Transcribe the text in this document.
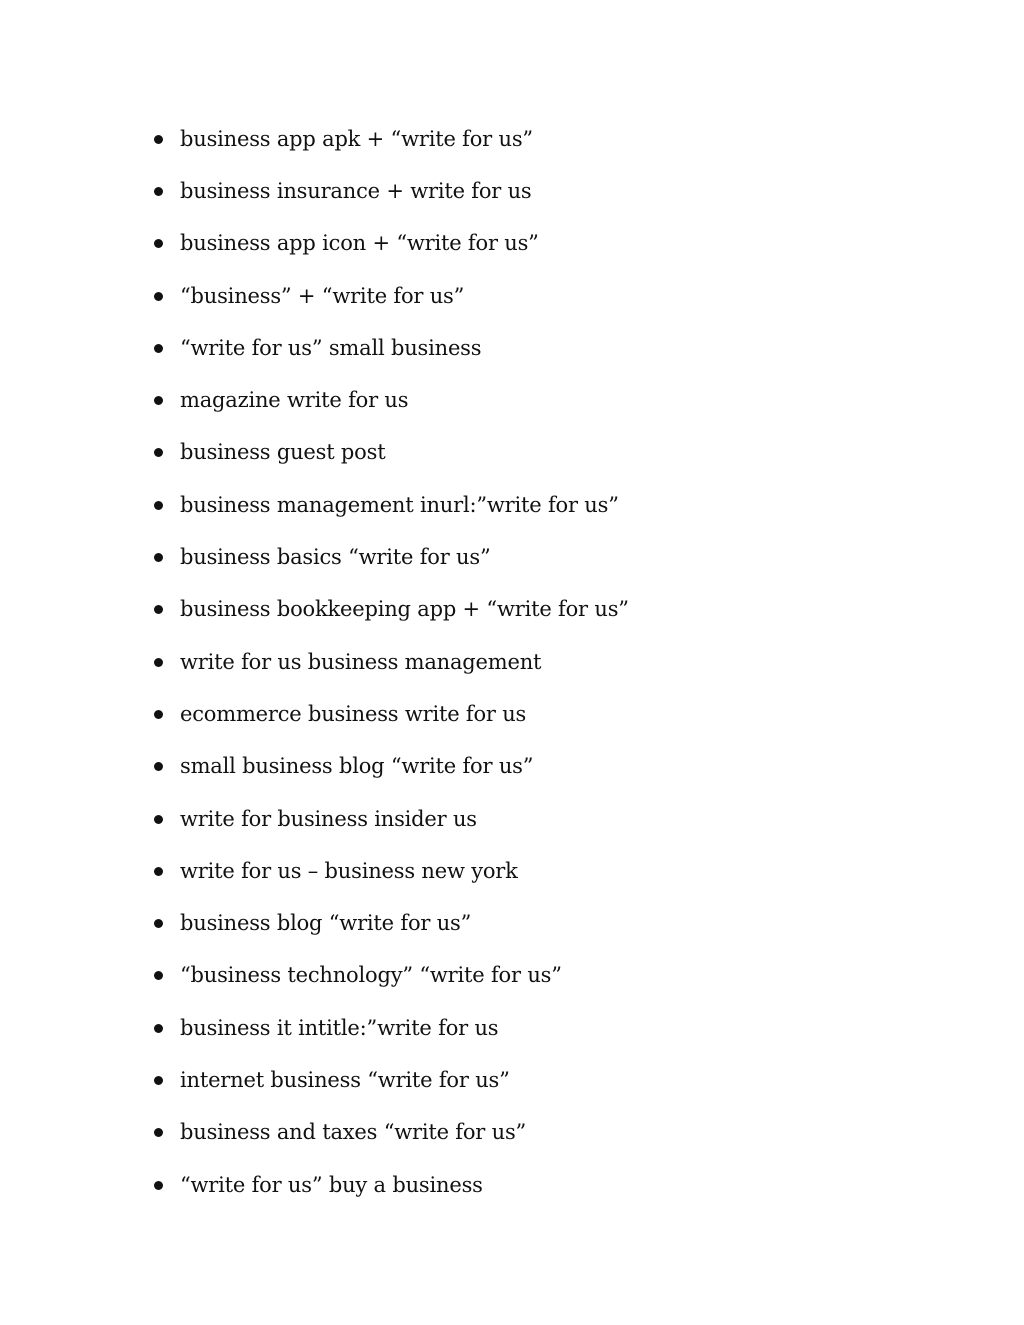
business app apk + “write for us”
business insurance + write for us
business app icon + “write for us”
“business” + “write for us”
“write for us” small business
magazine write for us
business guest post
business management inurl:”write for us”
business basics “write for us”
business bookkeeping app + “write for us”
write for us business management
ecommerce business write for us
small business blog “write for us”
write for business insider us
write for us – business new york
business blog “write for us”
“business technology” “write for us”
business it intitle:”write for us
internet business “write for us”
business and taxes “write for us”
“write for us” buy a business
